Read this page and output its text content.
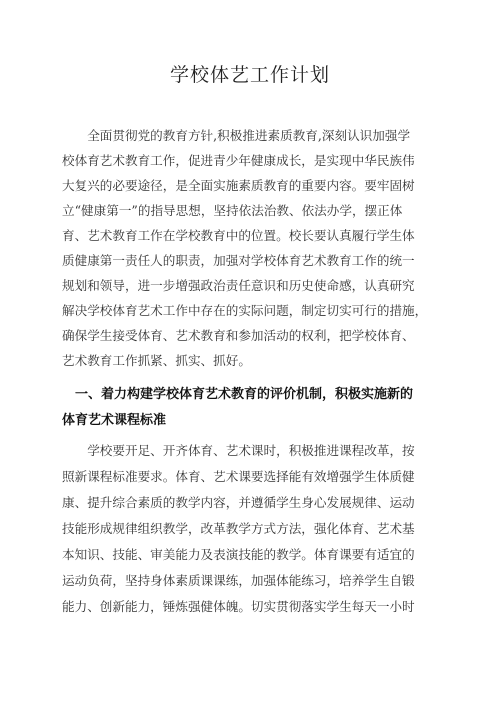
学校体艺工作计划
　　全面贯彻党的教育方针,积极推进素质教育,深刻认识加强学
校体育艺术教育工作，促进青少年健康成长，是实现中华民族伟
大复兴的必要途径，是全面实施素质教育的重要内容。要牢固树
立“健康第一”的指导思想，坚持依法治教、依法办学，摆正体
育、艺术教育工作在学校教育中的位置。校长要认真履行学生体
质健康第一责任人的职责，加强对学校体育艺术教育工作的统一
规划和领导，进一步增强政治责任意识和历史使命感，认真研究
解决学校体育艺术工作中存在的实际问题，制定切实可行的措施，
确保学生接受体育、艺术教育和参加活动的权利，把学校体育、
艺术教育工作抓紧、抓实、抓好。
　一、着力构建学校体育艺术教育的评价机制，积极实施新的
体育艺术课程标准
　　学校要开足、开齐体育、艺术课时，积极推进课程改革，按
照新课程标准要求。体育、艺术课要选择能有效增强学生体质健
康、提升综合素质的教学内容，并遵循学生身心发展规律、运动
技能形成规律组织教学，改革教学方式方法，强化体育、艺术基
本知识、技能、审美能力及表演技能的教学。体育课要有适宜的
运动负荷，坚持身体素质课课练，加强体能练习，培养学生自锻
能力、创新能力，锤炼强健体魄。切实贯彻落实学生每天一小时
